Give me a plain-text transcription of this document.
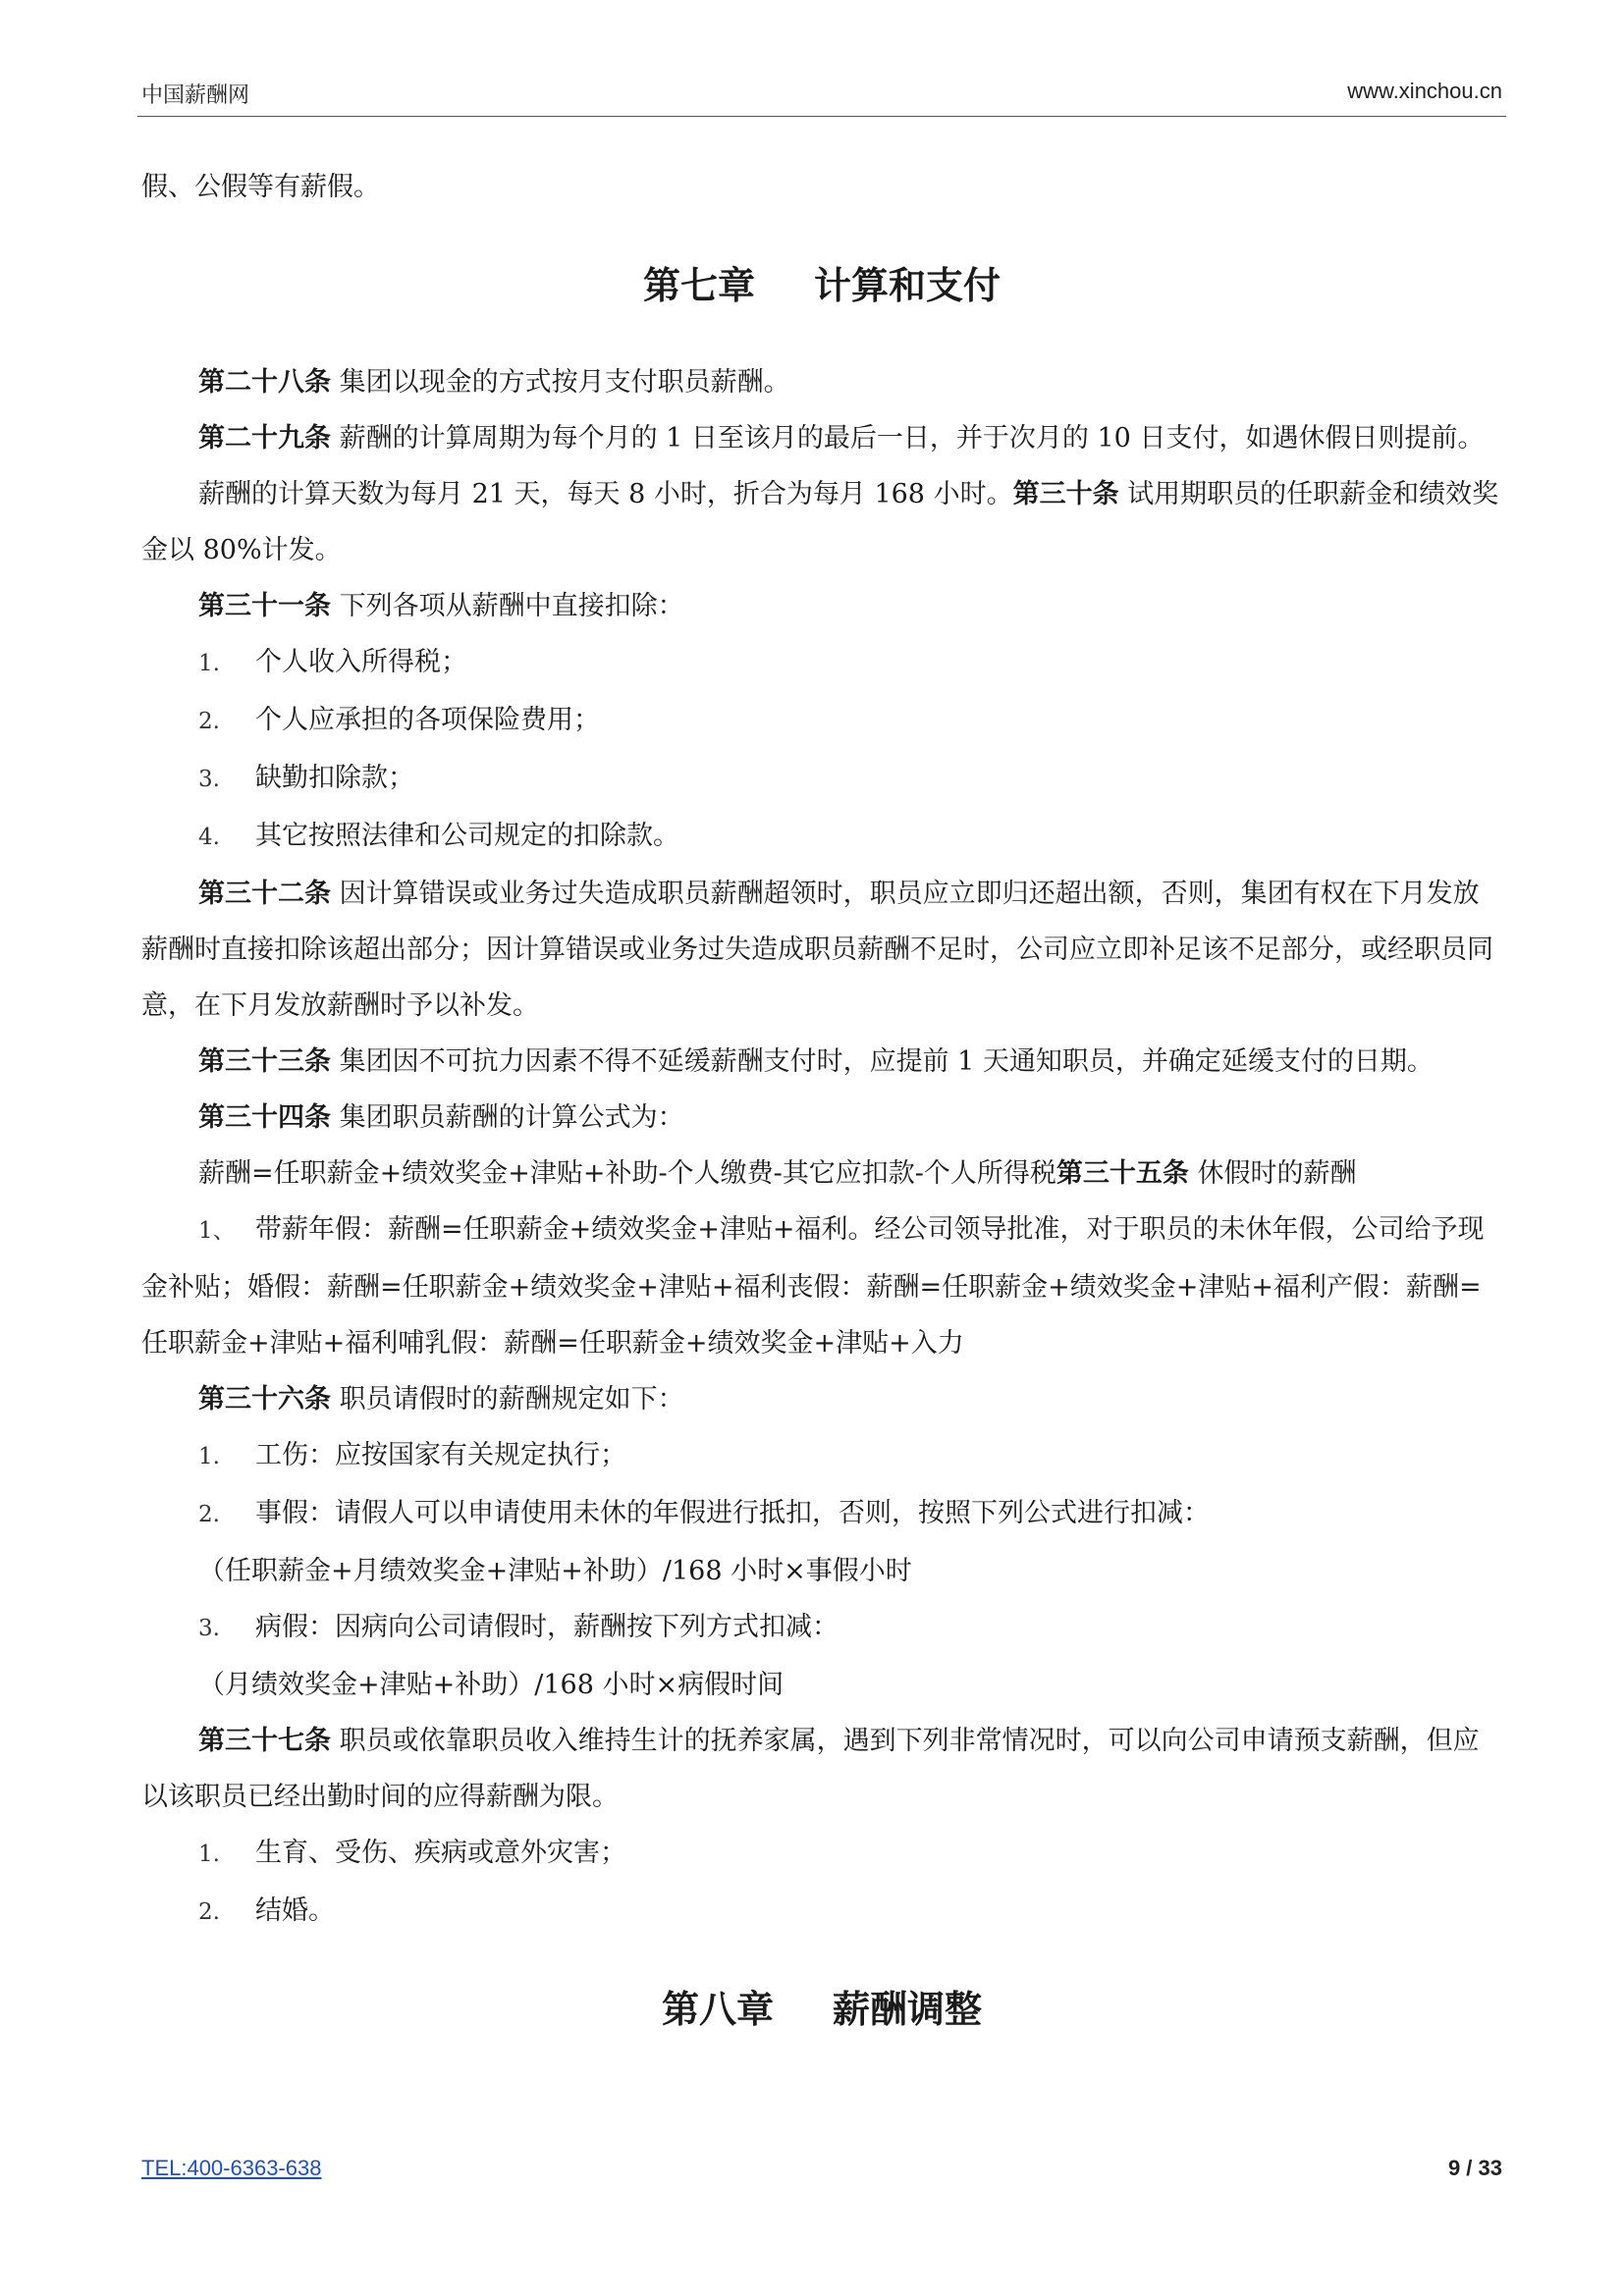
中国薪酬网	www.xinchou.cn

假、公假等有薪假。

第七章 计算和支付

第二十八条 集团以现金的方式按月支付职员薪酬。

第二十九条 薪酬的计算周期为每个月的 1 日至该月的最后一日，并于次月的 10 日支付，如遇休假日则提前。

薪酬的计算天数为每月 21 天，每天 8 小时，折合为每月 168 小时。第三十条 试用期职员的任职薪金和绩效奖金以 80%计发。

第三十一条 下列各项从薪酬中直接扣除：

1. 个人收入所得税；

2. 个人应承担的各项保险费用；

3. 缺勤扣除款；

4. 其它按照法律和公司规定的扣除款。

第三十二条 因计算错误或业务过失造成职员薪酬超领时，职员应立即归还超出额，否则，集团有权在下月发放薪酬时直接扣除该超出部分；因计算错误或业务过失造成职员薪酬不足时，公司应立即补足该不足部分，或经职员同意，在下月发放薪酬时予以补发。

第三十三条 集团因不可抗力因素不得不延缓薪酬支付时，应提前 1 天通知职员，并确定延缓支付的日期。

第三十四条 集团职员薪酬的计算公式为：

薪酬=任职薪金+绩效奖金+津贴+补助-个人缴费-其它应扣款-个人所得税第三十五条 休假时的薪酬

1、 带薪年假：薪酬=任职薪金+绩效奖金+津贴+福利。经公司领导批准，对于职员的未休年假，公司给予现金补贴；婚假：薪酬=任职薪金+绩效奖金+津贴+福利丧假：薪酬=任职薪金+绩效奖金+津贴+福利产假：薪酬=任职薪金+津贴+福利哺乳假：薪酬=任职薪金+绩效奖金+津贴+入力

第三十六条 职员请假时的薪酬规定如下：

1. 工伤：应按国家有关规定执行；

2. 事假：请假人可以申请使用未休的年假进行抵扣，否则，按照下列公式进行扣减：

（任职薪金+月绩效奖金+津贴+补助）/168 小时×事假小时

3. 病假：因病向公司请假时，薪酬按下列方式扣减：

（月绩效奖金+津贴+补助）/168 小时×病假时间

第三十七条 职员或依靠职员收入维持生计的抚养家属，遇到下列非常情况时，可以向公司申请预支薪酬，但应以该职员已经出勤时间的应得薪酬为限。

1. 生育、受伤、疾病或意外灾害；

2. 结婚。

第八章 薪酬调整
TEL:400-6363-638	9 / 33
